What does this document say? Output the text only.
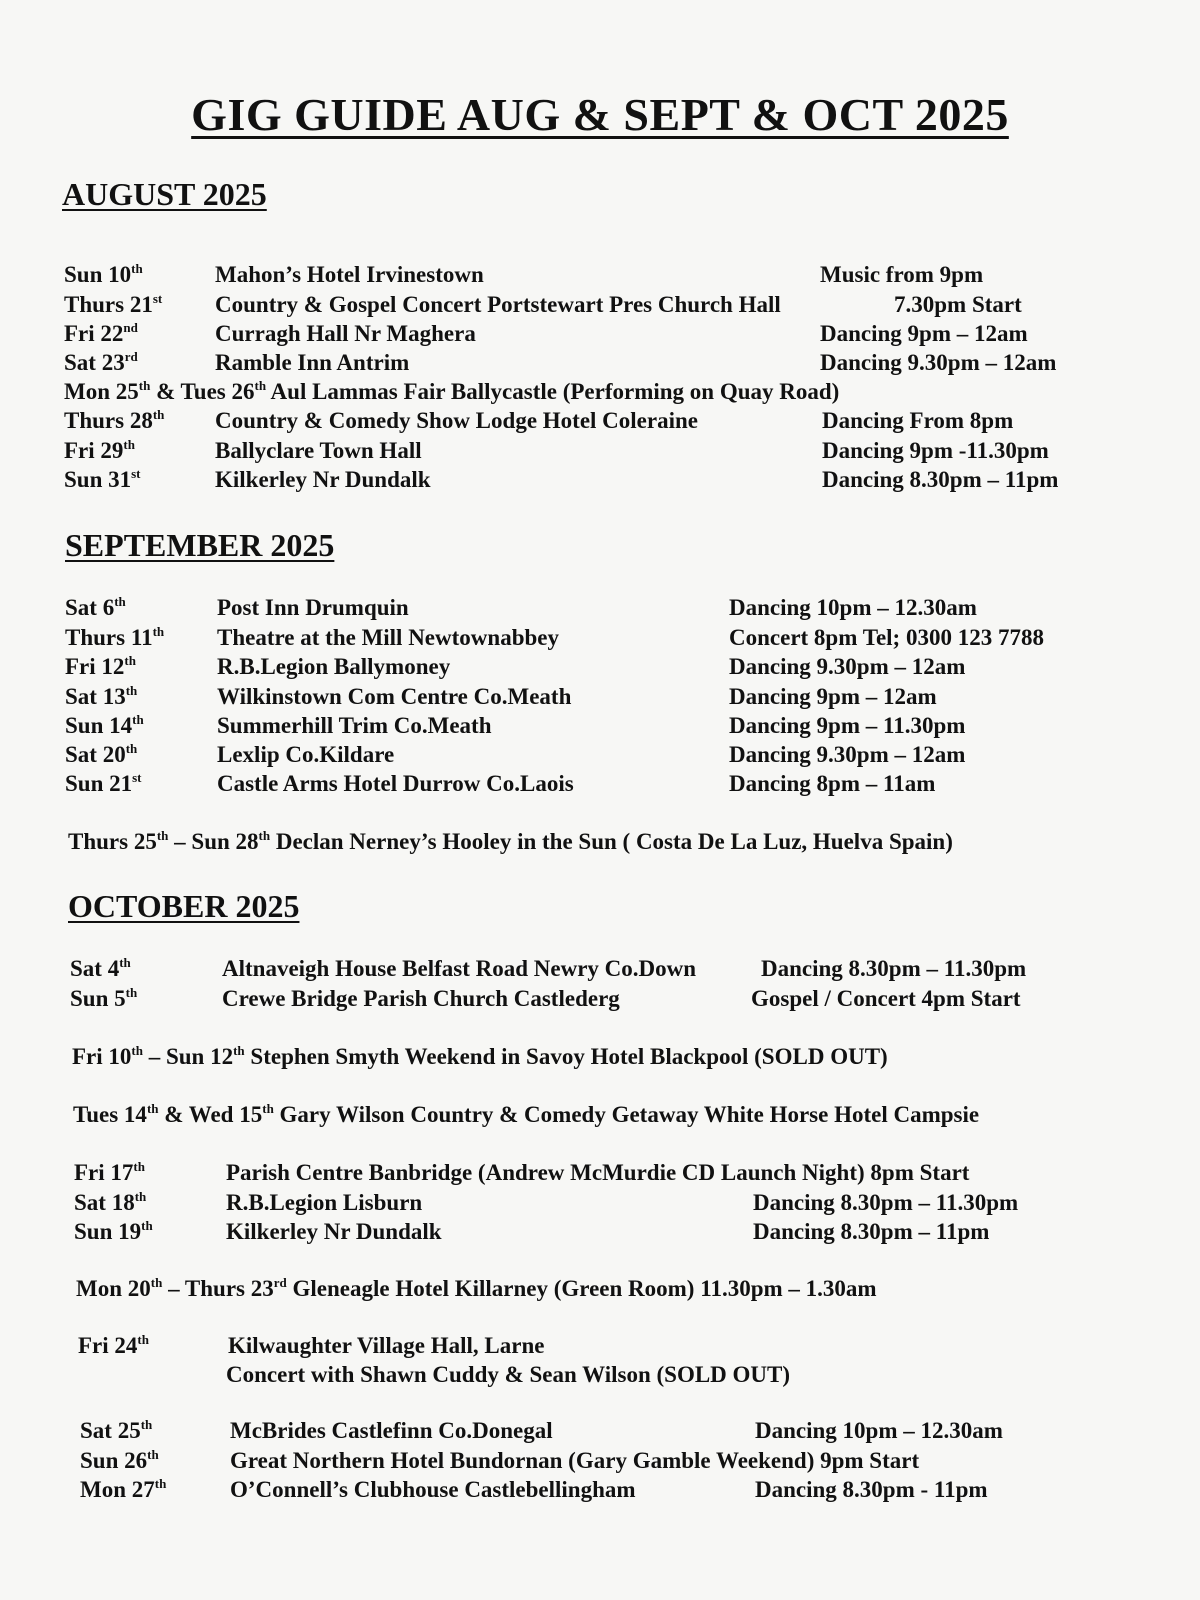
GIG GUIDE AUG & SEPT & OCT 2025
AUGUST 2025
Sun 10th	Mahon’s Hotel Irvinestown	Music from 9pm
Thurs 21st Country & Gospel Concert Portstewart Pres Church Hall	7.30pm Start
Fri 22nd	Curragh Hall Nr Maghera	Dancing 9pm – 12am
Sat 23rd	Ramble Inn Antrim	Dancing 9.30pm – 12am
Mon 25th & Tues 26th Aul Lammas Fair Ballycastle (Performing on Quay Road)
Thurs 28th Country & Comedy Show Lodge Hotel Coleraine	Dancing From 8pm
Fri 29th	Ballyclare Town Hall	Dancing 9pm -11.30pm
Sun 31st	Kilkerley Nr Dundalk	Dancing 8.30pm – 11pm
SEPTEMBER 2025
Sat 6th	Post Inn Drumquin	Dancing 10pm – 12.30am
Thurs 11th Theatre at the Mill Newtownabbey	Concert 8pm Tel; 0300 123 7788
Fri 12th	R.B.Legion Ballymoney	Dancing 9.30pm – 12am
Sat 13th	Wilkinstown Com Centre Co.Meath	Dancing 9pm – 12am
Sun 14th	Summerhill Trim Co.Meath	Dancing 9pm – 11.30pm
Sat 20th	Lexlip Co.Kildare	Dancing 9.30pm – 12am
Sun 21st	Castle Arms Hotel Durrow Co.Laois	Dancing 8pm – 11am
Thurs 25th – Sun 28th Declan Nerney’s Hooley in the Sun ( Costa De La Luz, Huelva Spain)
OCTOBER 2025
Sat 4th	Altnaveigh House Belfast Road Newry Co.Down	Dancing 8.30pm – 11.30pm
Sun 5th	Crewe Bridge Parish Church Castlederg	Gospel / Concert 4pm Start
Fri 10th – Sun 12th Stephen Smyth Weekend in Savoy Hotel Blackpool (SOLD OUT)
Tues 14th & Wed 15th Gary Wilson Country & Comedy Getaway White Horse Hotel Campsie
Fri 17th	Parish Centre Banbridge (Andrew McMurdie CD Launch Night) 8pm Start
Sat 18th	R.B.Legion Lisburn	Dancing 8.30pm – 11.30pm
Sun 19th	Kilkerley Nr Dundalk	Dancing 8.30pm – 11pm
Mon 20th – Thurs 23rd Gleneagle Hotel Killarney (Green Room) 11.30pm – 1.30am
Fri 24th	Kilwaughter Village Hall, Larne
Concert with Shawn Cuddy & Sean Wilson (SOLD OUT)
Sat 25th	McBrides Castlefinn Co.Donegal	Dancing 10pm – 12.30am
Sun 26th	Great Northern Hotel Bundornan (Gary Gamble Weekend) 9pm Start
Mon 27th	O’Connell’s Clubhouse Castlebellingham	Dancing 8.30pm - 11pm
